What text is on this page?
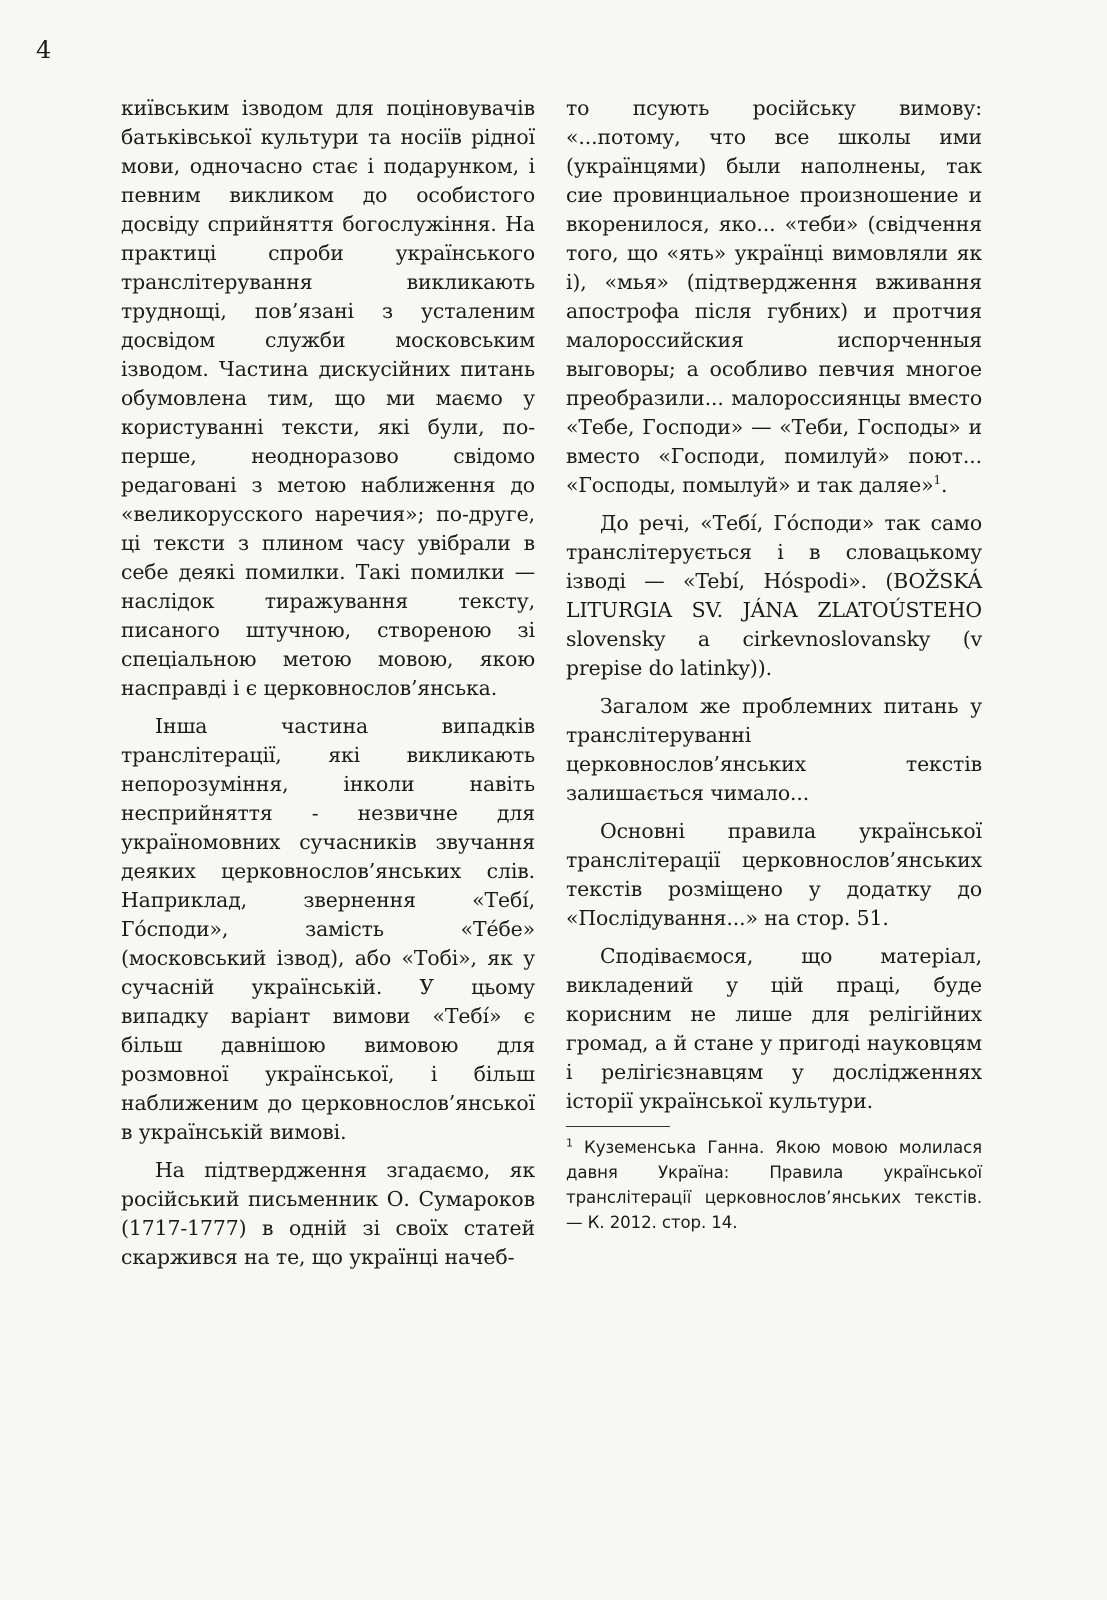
4

київським ізводом для поціновувачів батьківської культури та носіїв рідної мови, одночасно стає і подарунком, і певним викликом до особистого досвіду сприйняття богослужіння. На практиці спроби українського транслітерування викликають труднощі, пов’язані з усталеним досвідом служби московським ізводом. Частина дискусійних питань обумовлена тим, що ми маємо у користуванні тексти, які були, по-перше, неодноразово свідомо редаговані з метою наближення до «великорусского наречия»; по-друге, ці тексти з плином часу увібрали в себе деякі помилки. Такі помилки — наслідок тиражування тексту, писаного штучною, створеною зі спеціальною метою мовою, якою насправді і є церковнослов’янська.

Інша частина випадків транслітерації, які викликають непорозуміння, інколи навіть несприйняття - незвичне для україномовних сучасників звучання деяких церковнослов’янських слів. Наприклад, звернення «Тебі́, Го́споди», замість «Те́бе» (московський ізвод), або «Тобі», як у сучасній українській. У цьому випадку варіант вимови «Тебі́» є більш давнішою вимовою для розмовної української, і більш наближеним до церковнослов’янської в українській вимові.

На підтвердження згадаємо, як російський письменник О. Сумароков (1717-1777) в одній зі своїх статей скаржився на те, що українці начеб-

то псують російську вимову: «...потому, что все школы ими (українцями) были наполнены, так сие провинциальное произношение и вкоренилося, яко... «теби» (свідчення того, що «ять» українці вимовляли як і), «мья» (підтвердження вживання апострофа після губних) и протчия малороссийския испорченныя выговоры; а особливо певчия многое преобразили... малороссиянцы вместо «Тебе, Господи» — «Теби, Господы» и вместо «Господи, помилуй» поют... «Господы, помылуй» и так даляе»$^1$.

До речі, «Тебі́, Го́споди» так само транслітерується і в словацькому ізводі — «Tebí, Hóspodi». (BOŽSKÁ LITURGIA SV. JÁNA ZLATOÚSTEHO slovensky a cirkevnoslovansky (v prepise do latinky)).

Загалом же проблемних питань у транслітеруванні церковнослов’янських текстів залишається чимало...

Основні правила української транслітерації церковнослов’янських текстів розміщено у додатку до «Послідування...» на стор. 51.

Сподіваємося, що матеріал, викладений у цій праці, буде корисним не лише для релігійних громад, а й стане у пригоді науковцям і релігієзнавцям у дослідженнях історії української культури.

$^1$ Куземенська Ганна. Якою мовою молилася давня Україна: Правила української транслітерації церковнослов’янських текстів. — К. 2012. стор. 14.
